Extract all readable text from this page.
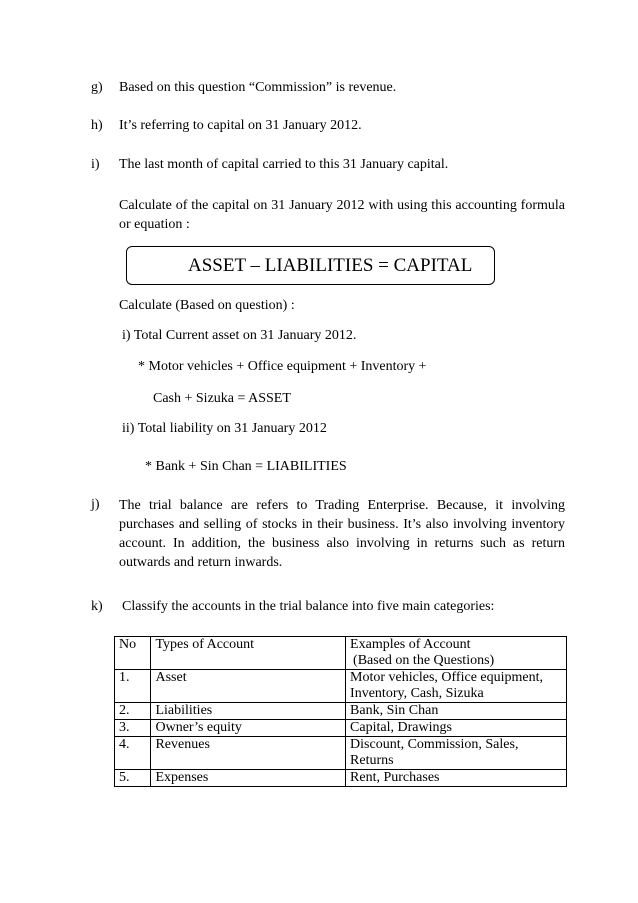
g) Based on this question “Commission” is revenue.
h) It’s referring to capital on 31 January 2012.
i) The last month of capital carried to this 31 January capital.
Calculate of the capital on 31 January 2012 with using this accounting formula or equation :
ASSET – LIABILITIES = CAPITAL
Calculate (Based on question) :
i) Total Current asset on 31 January 2012.
* Motor vehicles + Office equipment + Inventory +
Cash + Sizuka = ASSET
ii) Total liability on 31 January 2012
* Bank + Sin Chan = LIABILITIES
j) The trial balance are refers to Trading Enterprise. Because, it involving purchases and selling of stocks in their business. It’s also involving inventory account. In addition, the business also involving in returns such as return outwards and return inwards.
k) Classify the accounts in the trial balance into five main categories:
No	Types of Account	Examples of Account
(Based on the Questions)

1.	Asset	Motor vehicles, Office equipment,
Inventory, Cash, Sizuka

2.	Liabilities	Bank, Sin Chan
3.	Owner’s equity	Capital, Drawings
4.	Revenues	Discount, Commission, Sales,
Returns

5.	Expenses	Rent, Purchases
